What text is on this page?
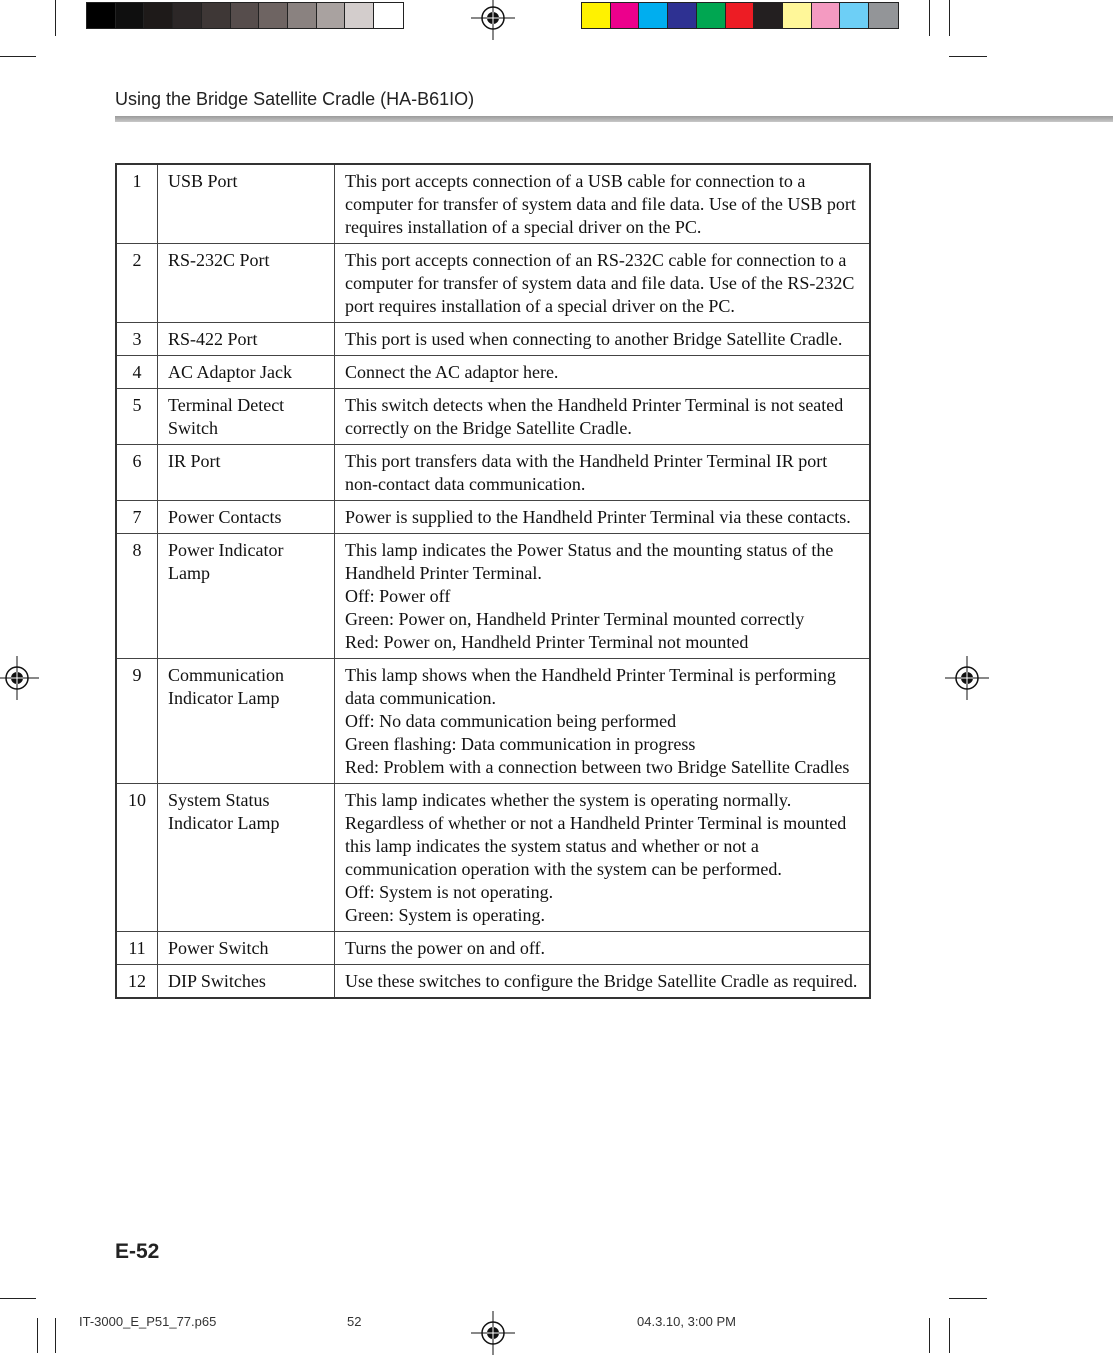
Using the Bridge Satellite Cradle (HA-B61IO)
1	USB Port	This port accepts connection of a USB cable for connection to a computer for transfer of system data and file data. Use of the USB port requires installation of a special driver on the PC.
2	RS-232C Port	This port accepts connection of an RS-232C cable for connection to a computer for transfer of system data and file data. Use of the RS-232C port requires installation of a special driver on the PC.
3	RS-422 Port	This port is used when connecting to another Bridge Satellite Cradle.
4	AC Adaptor Jack	Connect the AC adaptor here.
5	Terminal Detect Switch	This switch detects when the Handheld Printer Terminal is not seated correctly on the Bridge Satellite Cradle.
6	IR Port	This port transfers data with the Handheld Printer Terminal IR port non-contact data communication.
7	Power Contacts	Power is supplied to the Handheld Printer Terminal via these contacts.
8	Power Indicator Lamp	This lamp indicates the Power Status and the mounting status of the Handheld Printer Terminal.
Off: Power off
Green: Power on, Handheld Printer Terminal mounted correctly
Red: Power on, Handheld Printer Terminal not mounted
9	Communication Indicator Lamp	This lamp shows when the Handheld Printer Terminal is performing data communication.
Off: No data communication being performed
Green flashing: Data communication in progress
Red: Problem with a connection between two Bridge Satellite Cradles
10	System Status Indicator Lamp	This lamp indicates whether the system is operating normally. Regardless of whether or not a Handheld Printer Terminal is mounted this lamp indicates the system status and whether or not a communication operation with the system can be performed.
Off: System is not operating.
Green: System is operating.
11	Power Switch	Turns the power on and off.
12	DIP Switches	Use these switches to configure the Bridge Satellite Cradle as required.
E-52
IT-3000_E_P51_77.p65	52	04.3.10, 3:00 PM
